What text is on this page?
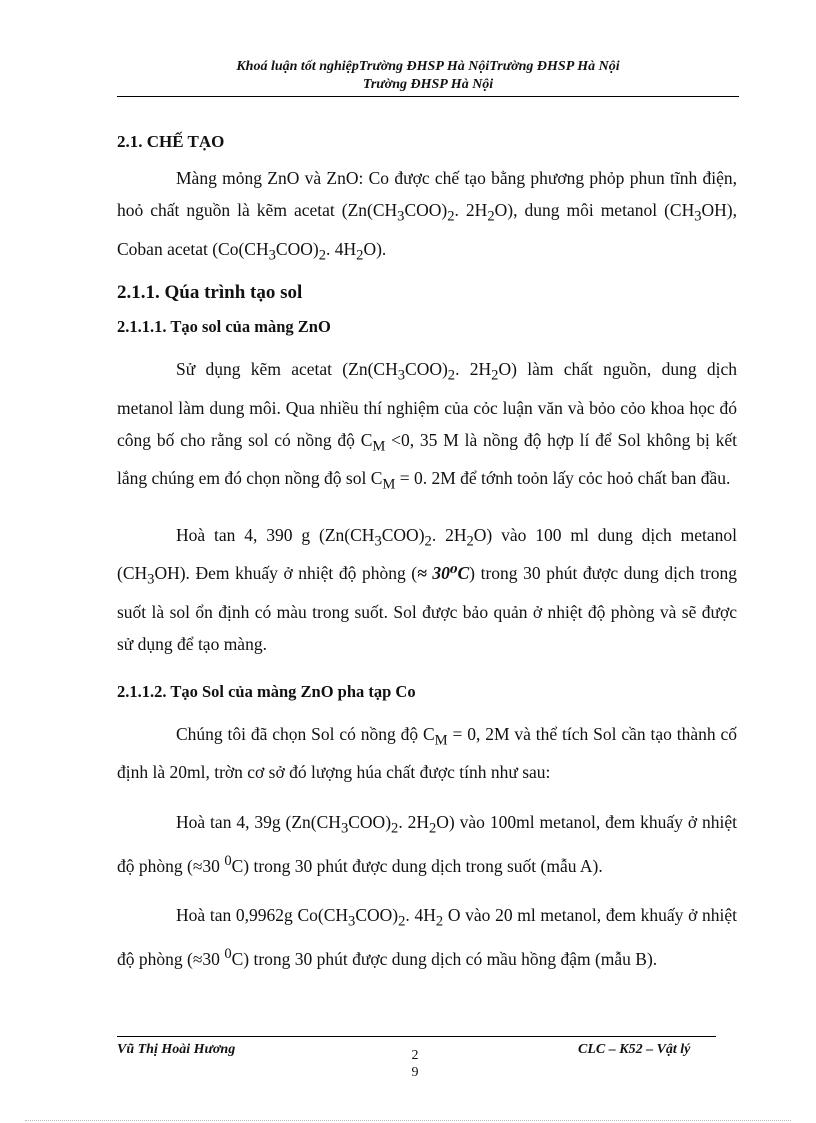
Khoá luận tốt nghiệpTrường ĐHSP Hà NộiTrường ĐHSP Hà Nội
Trường ĐHSP Hà Nội

2.1. CHẾ TẠO

Màng mỏng ZnO và ZnO: Co được chế tạo bằng phương phỏp phun tĩnh điện, hoỏ chất nguồn là kẽm acetat ($Zn(CH_3COO)_2$. $2H_2O$), dung môi metanol $(CH_3OH)$, Coban acetat ($Co(CH_3COO)_2$. $4H_2O$).

2.1.1. Qúa trình tạo sol

2.1.1.1. Tạo sol của màng ZnO

Sử dụng kẽm acetat ($Zn(CH_3COO)_2$. $2H_2O$) làm chất nguồn, dung dịch metanol làm dung môi. Qua nhiều thí nghiệm của cỏc luận văn và bỏo cỏo khoa học đó công bố cho rằng sol có nồng độ $C_M <0$, 35 M là nồng độ hợp lí để Sol không bị kết lắng chúng em đó chọn nồng độ sol $C_M = 0$. 2M để tớnh toỏn lấy cỏc hoỏ chất ban đầu.

Hoà tan 4, 390 g ($Zn(CH_3COO)_2$. $2H_2O$) vào 100 ml dung dịch metanol $(CH_3OH)$. Đem khuấy ở nhiệt độ phòng (≈ 30⁰C) trong 30 phút được dung dịch trong suốt là sol ổn định có màu trong suốt. Sol được bảo quản ở nhiệt độ phòng và sẽ được sử dụng để tạo màng.

2.1.1.2. Tạo Sol của màng ZnO pha tạp Co

Chúng tôi đã chọn Sol có nồng độ $C_M = 0$, 2M và thể tích Sol cần tạo thành cố định là 20ml, trờn cơ sở đó lượng húa chất được tính như sau:

Hoà tan 4, 39g ($Zn(CH_3COO)_2$. $2H_2O$) vào 100ml metanol, đem khuấy ở nhiệt độ phòng (≈30 $^0$C) trong 30 phút được dung dịch trong suốt (mẫu A).

Hoà tan 0,9962g $Co(CH_3COO)_2$. $4H_2$ O vào 20 ml metanol, đem khuấy ở nhiệt độ phòng (≈30 $^0$C) trong 30 phút được dung dịch có mầu hồng đậm (mẫu B).

Vũ Thị Hoài Hương	2
9
CLC – K52 – Vật lý
